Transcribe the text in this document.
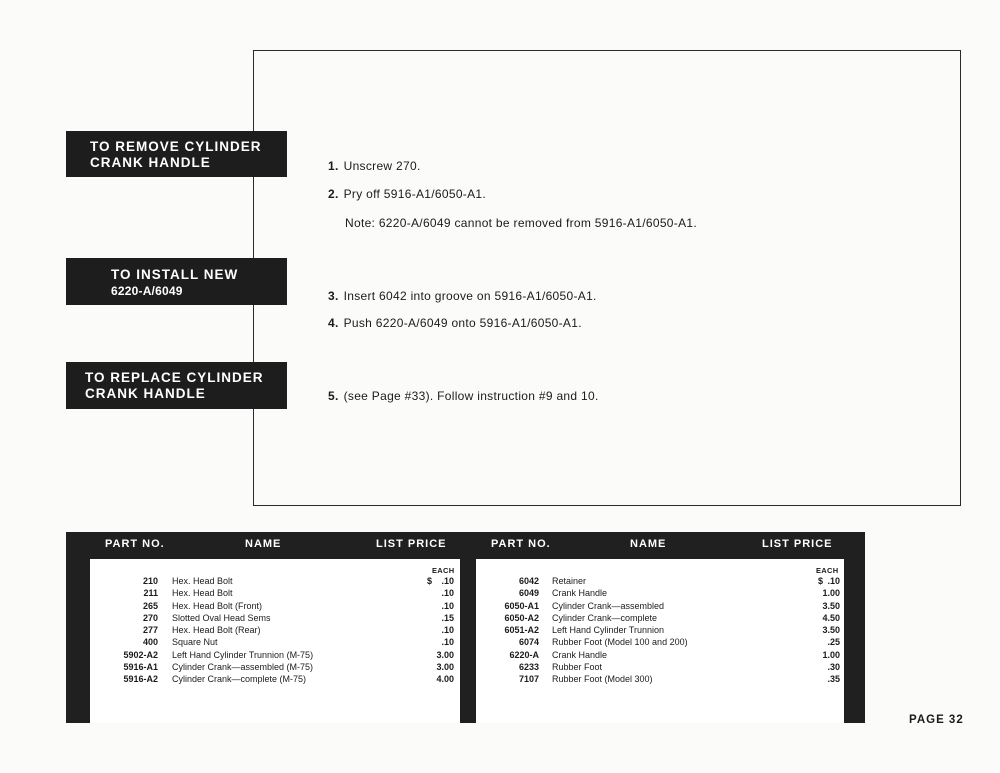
TO REMOVE CYLINDER
CRANK HANDLE
TO INSTALL NEW
6220-A/6049
TO REPLACE CYLINDER
CRANK HANDLE
1. Unscrew 270.
2. Pry off 5916-A1/6050-A1.
Note: 6220-A/6049 cannot be removed from 5916-A1/6050-A1.
3. Insert 6042 into groove on 5916-A1/6050-A1.
4. Push 6220-A/6049 onto 5916-A1/6050-A1.
5. (see Page #33). Follow instruction #9 and 10.
PART NO.	NAME	LIST PRICE	PART NO.	NAME	LIST PRICE
EACH
210 Hex. Head Bolt .....	.10
$
211 Hex. Head Bolt .....	.10
265 Hex. Head Bolt (Front) .....	.10
270 Slotted Oval Head Sems .....	.15
277 Hex. Head Bolt (Rear) .....	.10
400 Square Nut .....	.10
5902-A2 Left Hand Cylinder Trunnion (M-75) .....	3.00
5916-A1 Cylinder Crank—assembled (M-75) .....	3.00
5916-A2 Cylinder Crank—complete (M-75) .....	4.00
EACH
6042 Retainer .....	.10
$
6049 Crank Handle .....	1.00
6050-A1 Cylinder Crank—assembled .....	3.50
6050-A2 Cylinder Crank—complete .....	4.50
6051-A2 Left Hand Cylinder Trunnion .....	3.50
6074 Rubber Foot (Model 100 and 200) .....	.25
6220-A Crank Handle .....	1.00
6233 Rubber Foot .....	.30
7107 Rubber Foot (Model 300) .....	.35
PAGE 32
